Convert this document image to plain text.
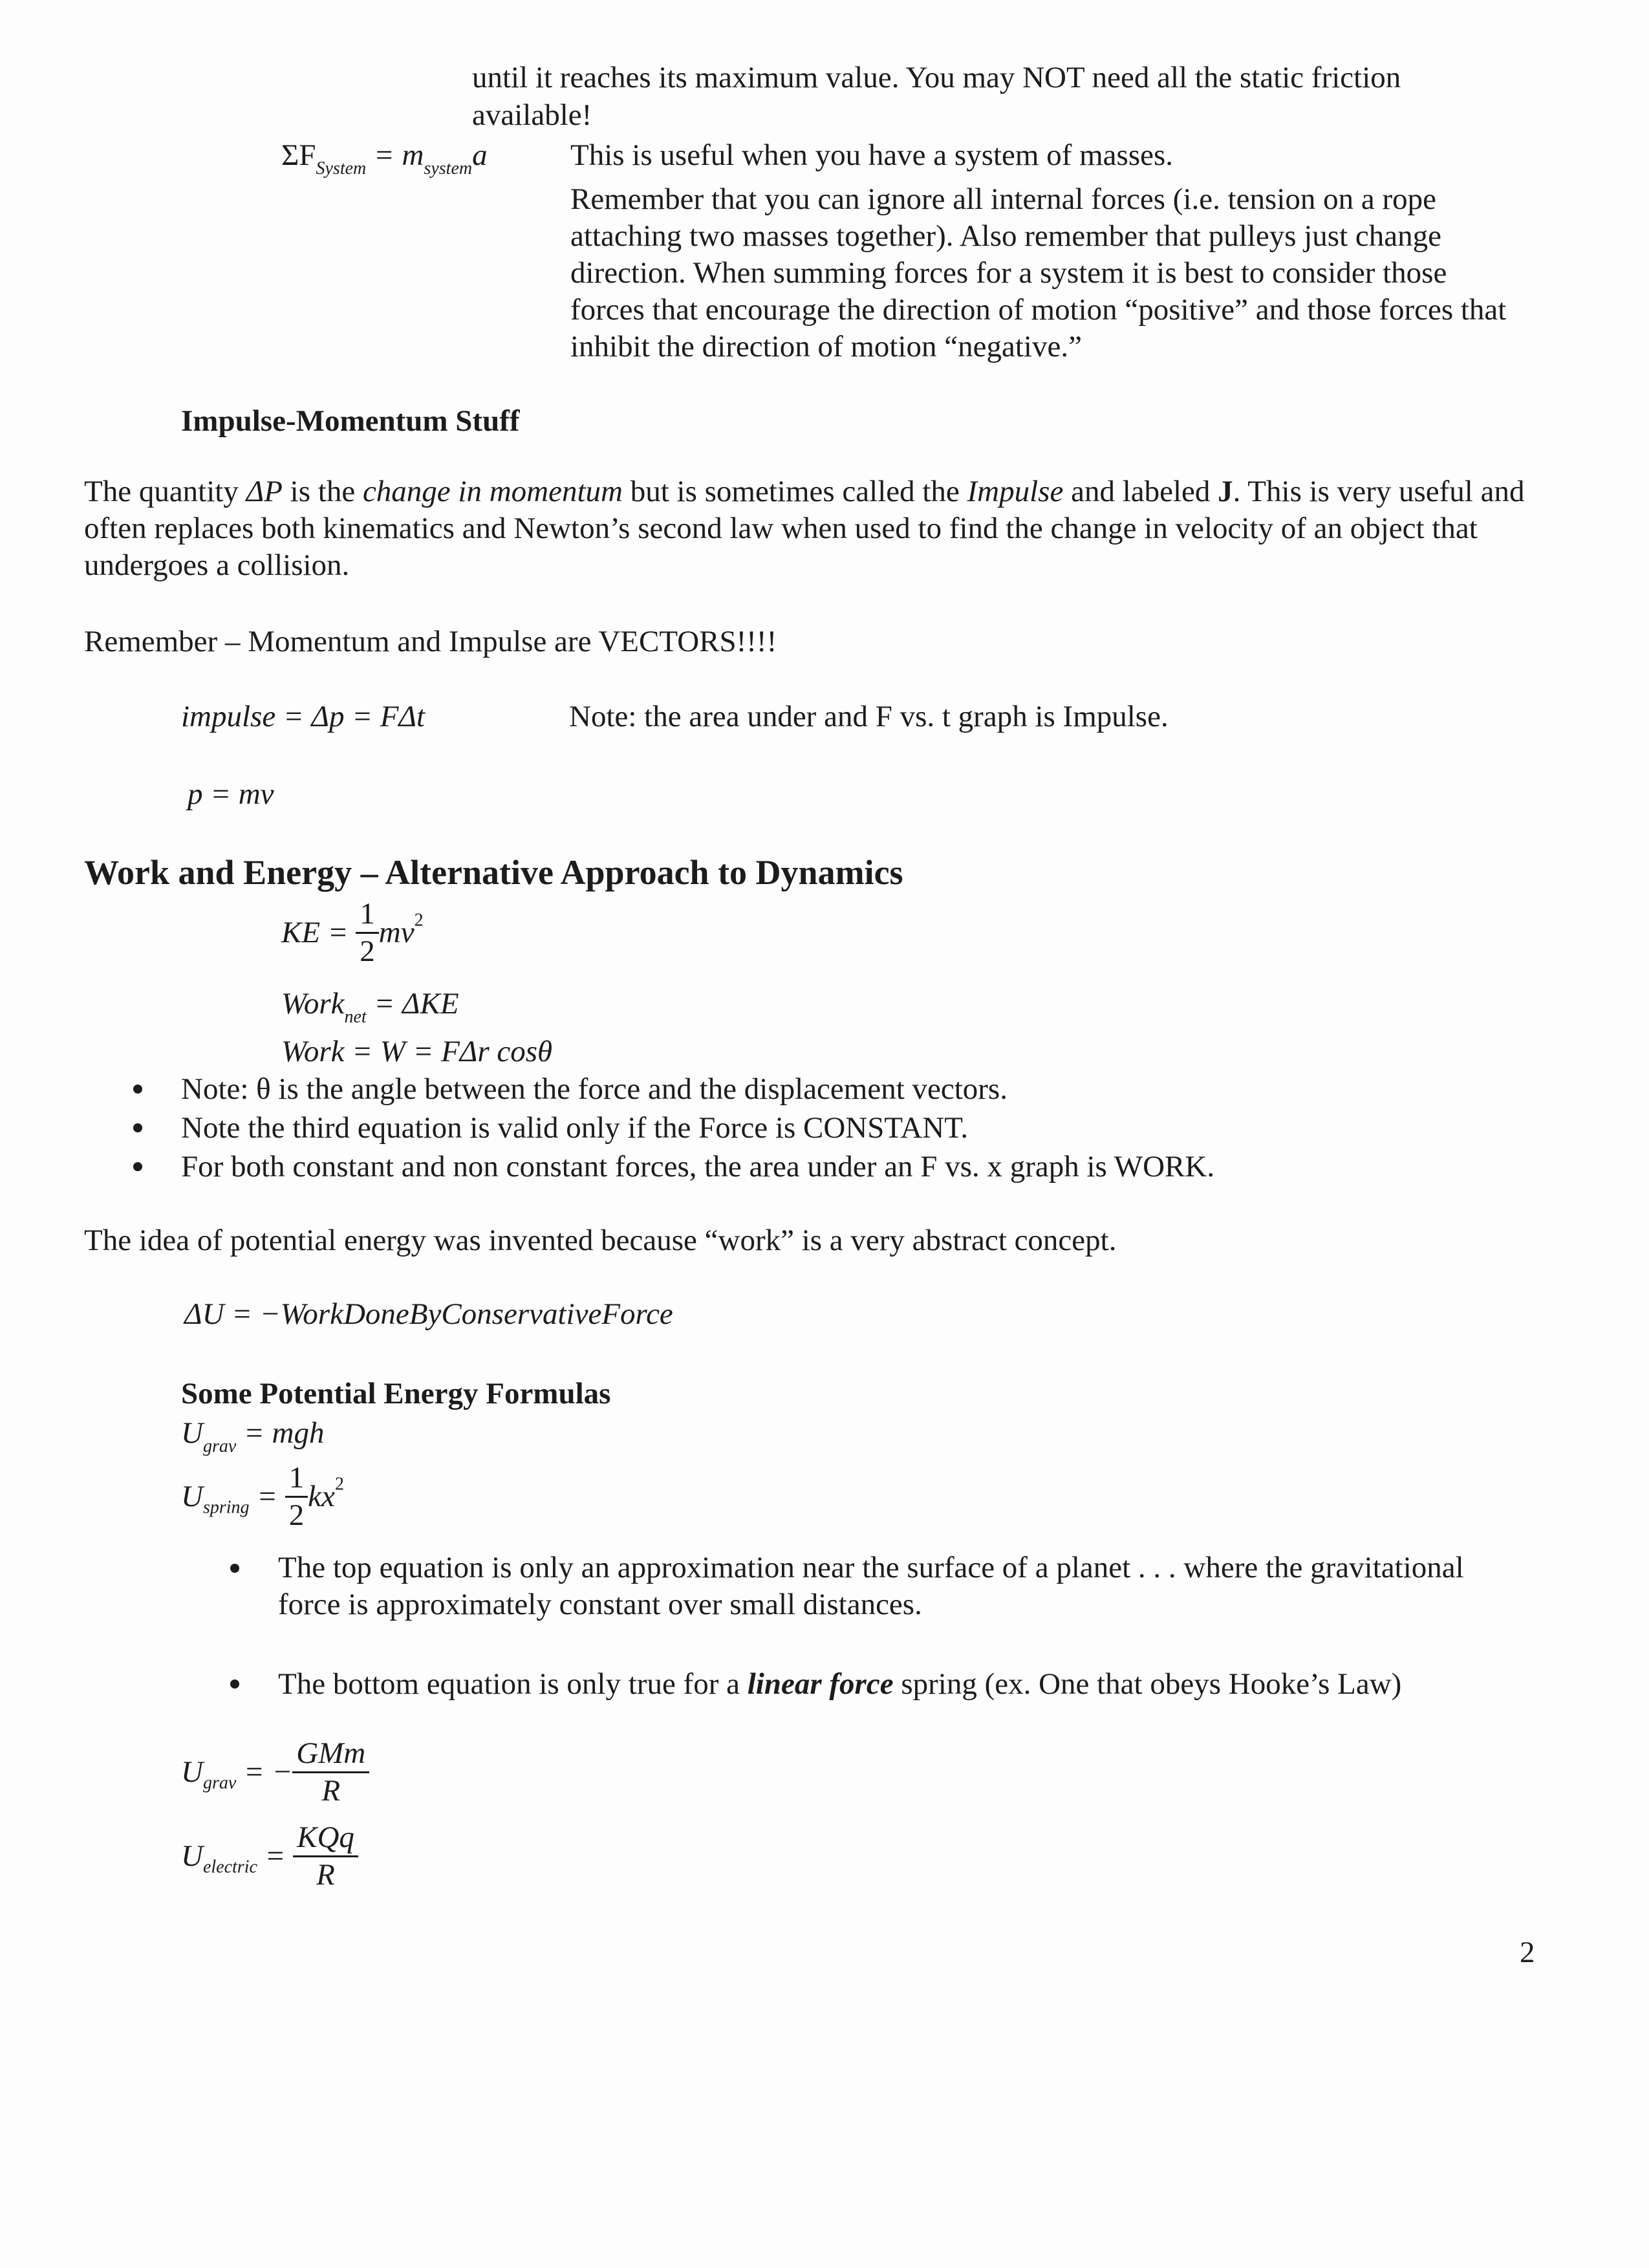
until it reaches its maximum value. You may NOT need all the static friction
available!
$\Sigma F_{System} = m_{system}a$	This is useful when you have a system of masses.
Remember that you can ignore all internal forces (i.e. tension on a rope attaching two masses together). Also remember that pulleys just change direction. When summing forces for a system it is best to consider those forces that encourage the direction of motion “positive” and those forces that inhibit the direction of motion “negative.”
Impulse-Momentum Stuff
The quantity ΔP is the change in momentum but is sometimes called the Impulse and labeled J. This is very useful and often replaces both kinematics and Newton’s second law when used to find the change in velocity of an object that undergoes a collision.
Remember – Momentum and Impulse are VECTORS!!!!
impulse = Δp = FΔt	Note: the area under and F vs. t graph is Impulse.
p = mv
Work and Energy – Alternative Approach to Dynamics
KE = $\frac{1}{2} mv^2$
Work$_{net}$ = ΔKE
Work = W = FΔr cosθ
Note: θ is the angle between the force and the displacement vectors.
Note the third equation is valid only if the Force is CONSTANT.
For both constant and non constant forces, the area under an F vs. x graph is WORK.
The idea of potential energy was invented because “work” is a very abstract concept.
ΔU = −WorkDoneByConservativeForce
Some Potential Energy Formulas
$U_{grav}$ = mgh
$U_{spring} = \frac{1}{2} kx^2$
The top equation is only an approximation near the surface of a planet . . . where the gravitational force is approximately constant over small distances.
The bottom equation is only true for a linear force spring (ex. One that obeys Hooke’s Law)
$U_{grav}$ = − $\frac{\text{GMm}}{R}$
$U_{electric} = \frac{\text{KQq}}{R}$
2
